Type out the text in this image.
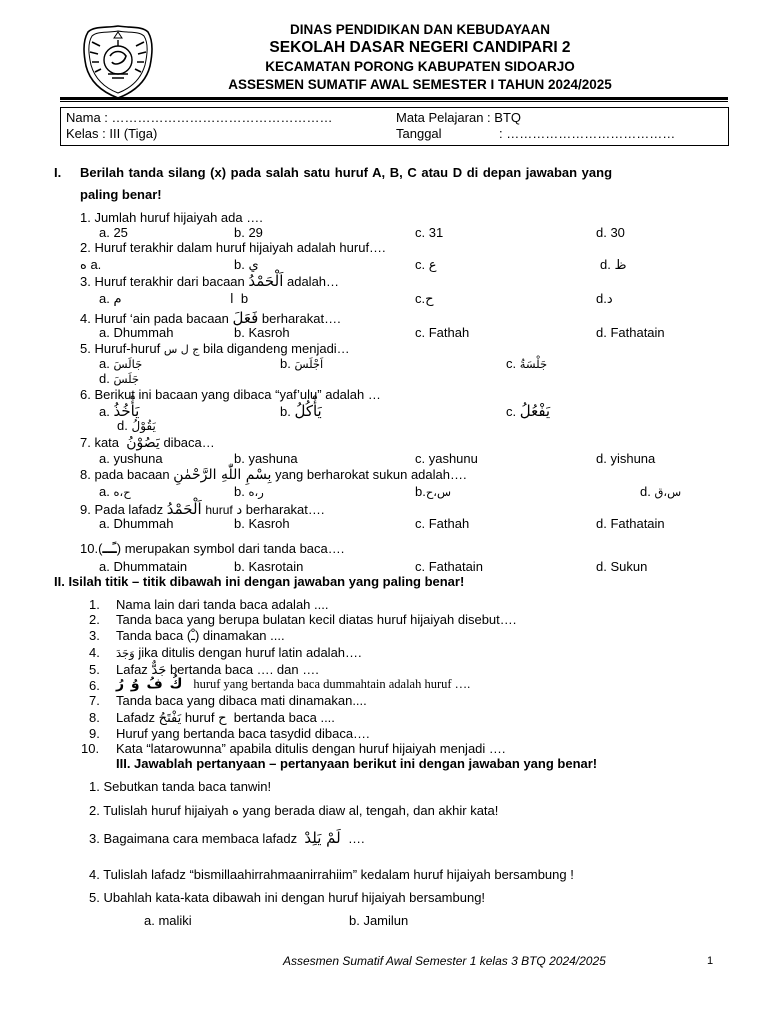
DINAS PENDIDIKAN DAN KEBUDAYAAN
SEKOLAH DASAR NEGERI CANDIPARI 2
KECAMATAN PORONG KABUPATEN SIDOARJO
ASSESMEN SUMATIF AWAL SEMESTER I TAHUN 2024/2025
Nama : ……………………………………………
Kelas : III (Tiga)
Mata Pelajaran : BTQ
Tanggal	: …………………………………
I. Berilah tanda silang (x) pada salah satu huruf A, B, C atau D di depan jawaban yang
paling benar!
1. Jumlah huruf hijaiyah ada ….
a. 25	b. 29	c. 31	d. 30
2. Huruf terakhir dalam huruf hijaiyah adalah huruf….
ه a.	b. ي	c. ع	d. ظ
3. Huruf terakhir dari bacaan اَلْحَمْدُ adalah…
a. م	ا b	c.ح	d.د
4. Huruf ‘ain pada bacaan فَعَلَ berharakat….
a. Dhummah	b. Kasroh	c. Fathah	d. Fathatain
5. Huruf-huruf ج ل س bila digandeng menjadi…
a. جَالَسَ	b. اَجْلَسَ	c. جَلْسَةُ
d. جَلَسَ
6. Berikut ini bacaan yang dibaca “yaf’ulu” adalah …
a. يَأْخُذُ	b. يَأْكُلُ	c. يَفْعُلُ
d. يَقُوْلُ
7. kata يَصُوْنُ dibaca…
a. yushuna	b. yashuna	c. yashunu	d. yishuna
8. pada bacaan بِسْمِ اللّٰهِ الرَّحْمٰنِ yang berharokat sukun adalah….
a. ح،ه	b. ر،ه	b.س،ح	d. س،ق
9. Pada lafadz اَلْحَمْدُ huruf د berharakat….
a. Dhummah	b. Kasroh	c. Fathah	d. Fathatain
10.(ـًــ) merupakan symbol dari tanda baca….
a. Dhummatain	b. Kasrotain	c. Fathatain	d. Sukun
II. Isilah titik – titik dibawah ini dengan jawaban yang paling benar!
1. Nama lain dari tanda baca adalah ....
2. Tanda baca yang berupa bulatan kecil diatas huruf hijaiyah disebut….
3. Tanda baca (ـْ) dinamakan ....
4. وَجَدَ jika ditulis dengan huruf latin adalah….
5. Lafaz جَدٌّ bertanda baca …. dan ….
6. كُ فُ وُ رُ huruf yang bertanda baca dummahtain adalah huruf ….
7. Tanda baca yang dibaca mati dinamakan....
8. Lafadz يَفْتَحُ huruf ح bertanda baca ....
9. Huruf yang bertanda baca tasydid dibaca….
10. Kata “latarowunna” apabila ditulis dengan huruf hijaiyah menjadi ….
III. Jawablah pertanyaan – pertanyaan berikut ini dengan jawaban yang benar!
1. Sebutkan tanda baca tanwin!
2. Tulislah huruf hijaiyah ه yang berada diaw al, tengah, dan akhir kata!
3. Bagaimana cara membaca lafadz لَمْ يَلِدْ ….
4. Tulislah lafadz “bismillaahirrahmaanirrahiim” kedalam huruf hijaiyah bersambung !
5. Ubahlah kata-kata dibawah ini dengan huruf hijaiyah bersambung!
a. maliki	b. Jamilun
Assesmen Sumatif Awal Semester 1 kelas 3 BTQ 2024/2025	1
